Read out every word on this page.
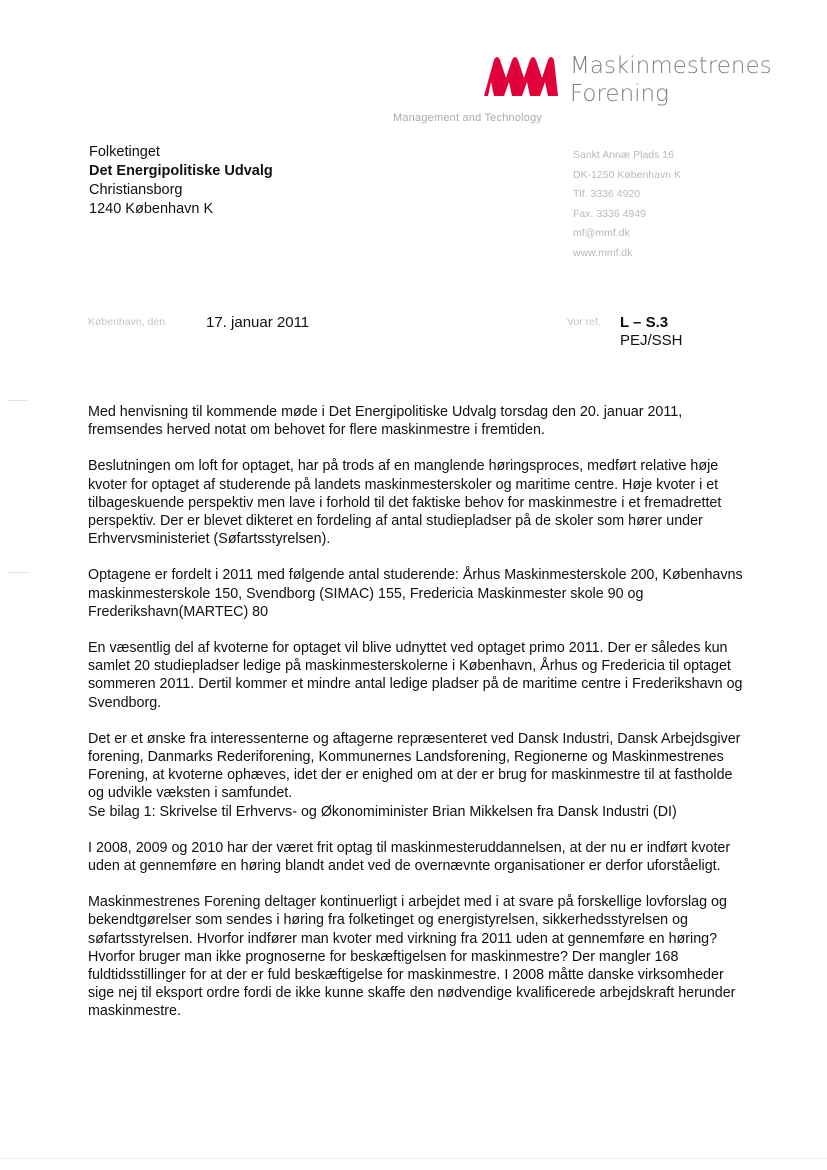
Maskinmestrenes
Forening
Management and Technology
Folketinget
Det Energipolitiske Udvalg
Christiansborg
1240 København K
Sankt Annæ Plads 16
DK-1250 København K
Tlf. 3336 4920
Fax. 3336 4949
mf@mmf.dk
www.mmf.dk
København, den	17. januar 2011	Vor ref. L – S.3
PEJ/SSH

Med henvisning til kommende møde i Det Energipolitiske Udvalg torsdag den 20. januar 2011, fremsendes herved notat om behovet for flere maskinmestre i fremtiden.

Beslutningen om loft for optaget, har på trods af en manglende høringsproces, medført relative høje kvoter for optaget af studerende på landets maskinmesterskoler og maritime centre. Høje kvoter i et tilbageskuende perspektiv men lave i forhold til det faktiske behov for maskinmestre i et fremadrettet perspektiv. Der er blevet dikteret en fordeling af antal studiepladser på de skoler som hører under Erhvervsministeriet (Søfartsstyrelsen).

Optagene er fordelt i 2011 med følgende antal studerende: Århus Maskinmesterskole 200, Københavns maskinmesterskole 150, Svendborg (SIMAC) 155, Fredericia Maskinmester skole 90 og Frederikshavn(MARTEC) 80

En væsentlig del af kvoterne for optaget vil blive udnyttet ved optaget primo 2011. Der er således kun samlet 20 studiepladser ledige på maskinmesterskolerne i København, Århus og Fredericia til optaget sommeren 2011. Dertil kommer et mindre antal ledige pladser på de maritime centre i Frederikshavn og Svendborg.

Det er et ønske fra interessenterne og aftagerne repræsenteret ved Dansk Industri, Dansk Arbejdsgiver forening, Danmarks Rederiforening, Kommunernes Landsforening, Regionerne og Maskinmestrenes Forening, at kvoterne ophæves, idet der er enighed om at der er brug for maskinmestre til at fastholde og udvikle væksten i samfundet.

Se bilag 1: Skrivelse til Erhvervs- og Økonomiminister Brian Mikkelsen fra Dansk Industri (DI)

I 2008, 2009 og 2010 har der været frit optag til maskinmesteruddannelsen, at der nu er indført kvoter uden at gennemføre en høring blandt andet ved de overnævnte organisationer er derfor uforståeligt.

Maskinmestrenes Forening deltager kontinuerligt i arbejdet med i at svare på forskellige lovforslag og bekendtgørelser som sendes i høring fra folketinget og energistyrelsen, sikkerhedsstyrelsen og søfartsstyrelsen. Hvorfor indfører man kvoter med virkning fra 2011 uden at gennemføre en høring? Hvorfor bruger man ikke prognoserne for beskæftigelsen for maskinmestre? Der mangler 168 fuldtidsstillinger for at der er fuld beskæftigelse for maskinmestre. I 2008 måtte danske virksomheder sige nej til eksport ordre fordi de ikke kunne skaffe den nødvendige kvalificerede arbejdskraft herunder maskinmestre.
